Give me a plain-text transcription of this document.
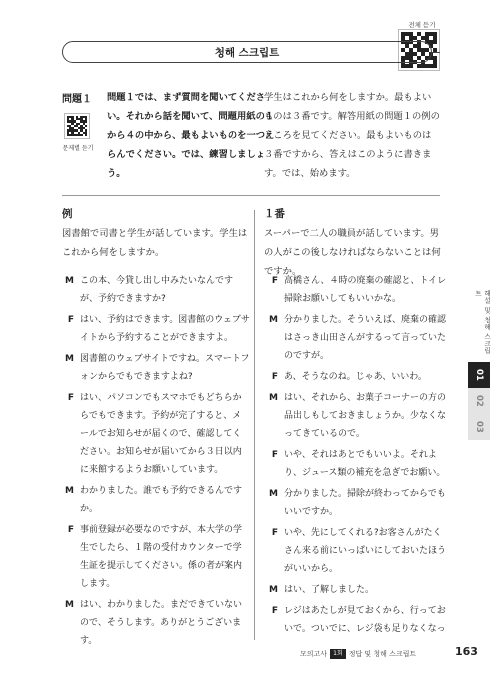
전체 듣기
청해 스크립트
問題１
문제별 듣기
問題１では、まず質問を聞いてください。それから話を聞いて、問題用紙の１から４の中から、最もよいものを一つえらんでください。では、練習しましょう。
学生はこれから何をしますか。最もよいものは３番です。解答用紙の問題１の例のところを見てください。最もよいものは３番ですから、答えはこのように書きます。では、始めます。
例
図書館で司書と学生が話しています。学生はこれから何をしますか。
M この本、今貸し出し中みたいなんですが、予約できますか?
F はい、予約はできます。図書館のウェブサイトから予約することができますよ。
M 図書館のウェブサイトですね。スマートフォンからでもできますよね?
F はい、パソコンでもスマホでもどちらからでもできます。予約が完了すると、メールでお知らせが届くので、確認してください。お知らせが届いてから３日以内に来館するようお願いしています。
M わかりました。誰でも予約できるんですか。
F 事前登録が必要なのですが、本大学の学生でしたら、１階の受付カウンターで学生証を提示してください。係の者が案内します。
M はい、わかりました。まだできていないので、そうします。ありがとうございます。
１番
スーパーで二人の職員が話しています。男の人がこの後しなければならないことは何ですか。
F 高橋さん、４時の廃棄の確認と、トイレ掃除お願いしてもいいかな。
M 分かりました。そういえば、廃棄の確認はさっき山田さんがするって言っていたのですが。
F あ、そうなのね。じゃあ、いいわ。
M はい、それから、お菓子コーナーの方の品出しもしておきましょうか。少なくなってきているので。
F いや、それはあとでもいいよ。それより、ジュース類の補充を急ぎでお願い。
M 分かりました。掃除が終わってからでもいいですか。
F いや、先にしてくれる?お客さんがたくさん来る前にいっぱいにしておいたほうがいいから。
M はい、了解しました。
F レジはあたしが見ておくから、行っておいで。ついでに、レジ袋も足りなくなっ
해설 및 청해 스크립트
01
02
03
모의고사	1회 정답 및 청해 스크립트	163
